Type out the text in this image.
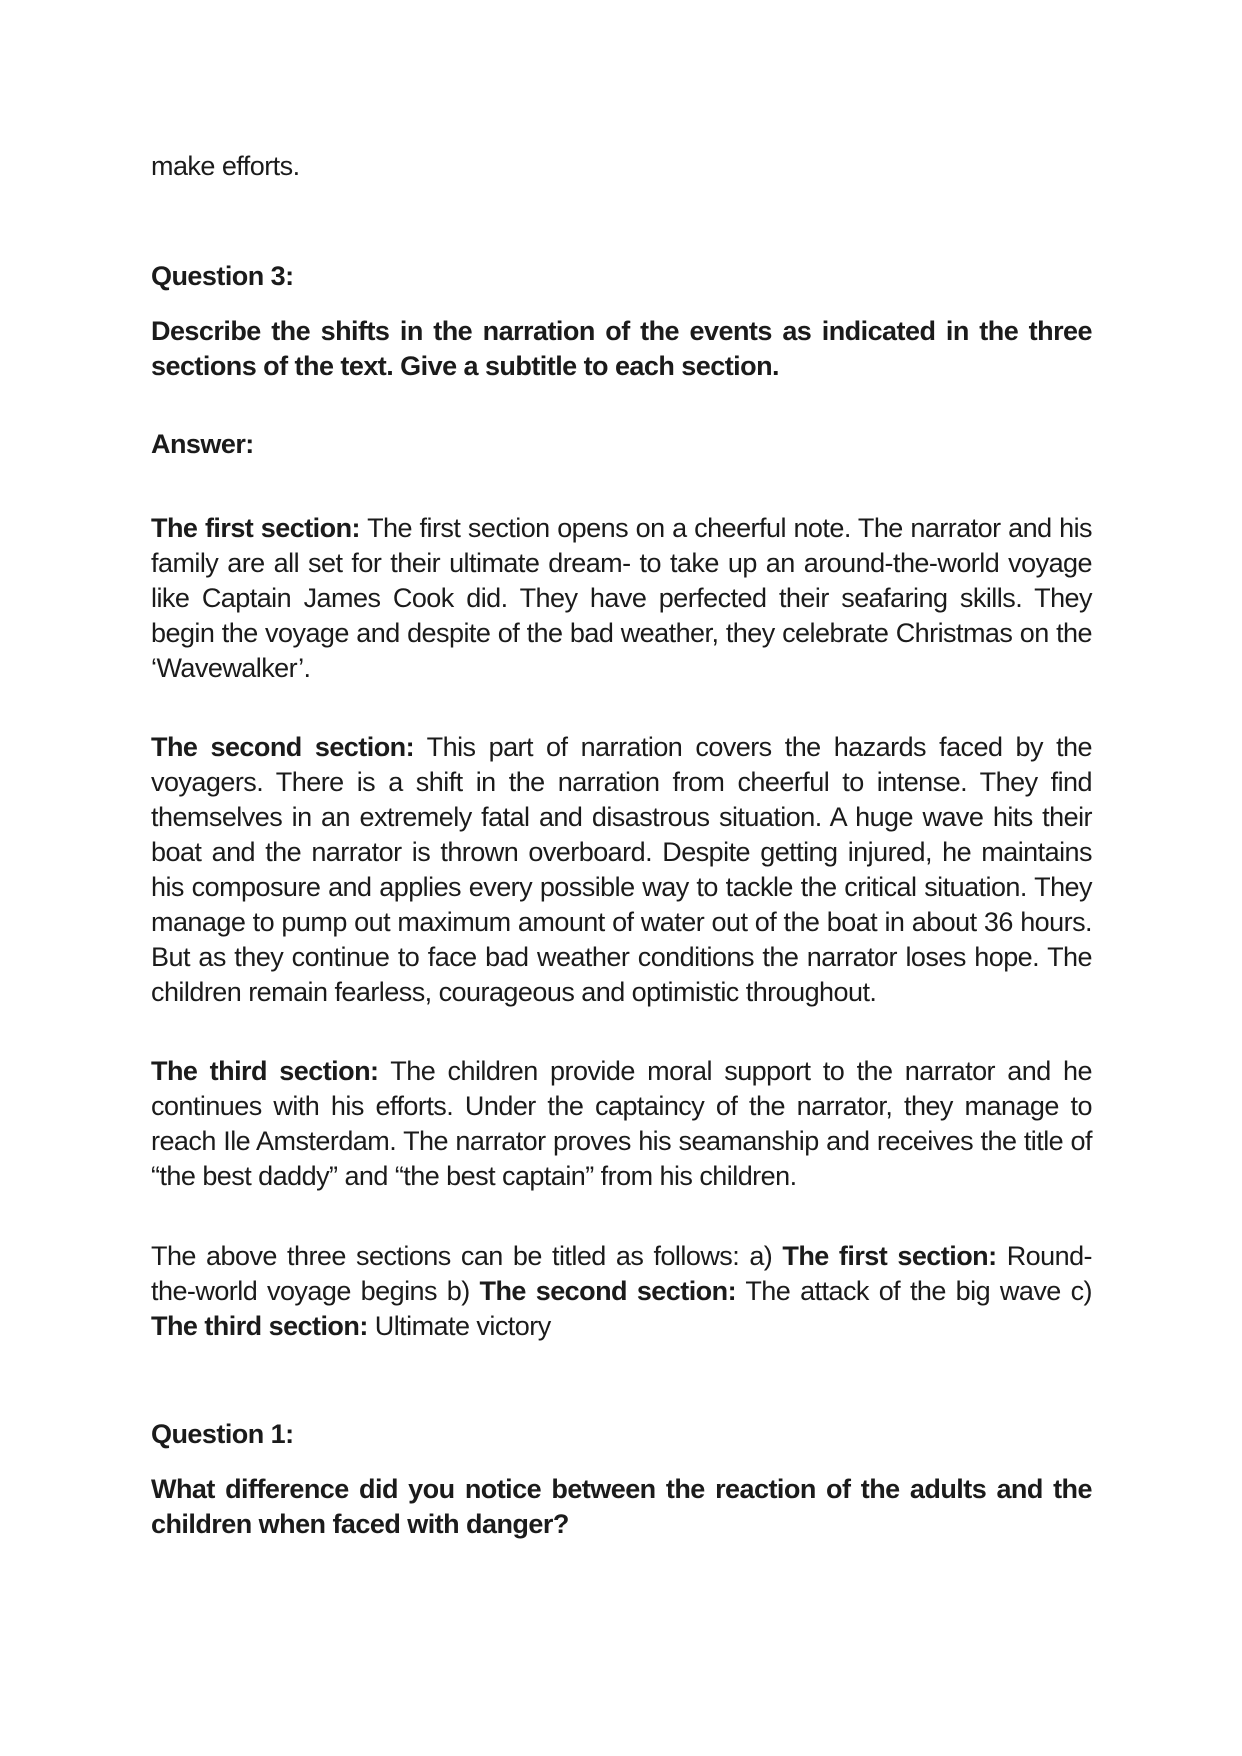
make efforts.

Question 3:

Describe the shifts in the narration of the events as indicated in the three sections of the text. Give a subtitle to each section.

Answer:

The first section: The first section opens on a cheerful note. The narrator and his family are all set for their ultimate dream- to take up an around-the-world voyage like Captain James Cook did. They have perfected their seafaring skills. They begin the voyage and despite of the bad weather, they celebrate Christmas on the ‘Wavewalker’.

The second section: This part of narration covers the hazards faced by the voyagers. There is a shift in the narration from cheerful to intense. They find themselves in an extremely fatal and disastrous situation. A huge wave hits their boat and the narrator is thrown overboard. Despite getting injured, he maintains his composure and applies every possible way to tackle the critical situation. They manage to pump out maximum amount of water out of the boat in about 36 hours. But as they continue to face bad weather conditions the narrator loses hope. The children remain fearless, courageous and optimistic throughout.

The third section: The children provide moral support to the narrator and he continues with his efforts. Under the captaincy of the narrator, they manage to reach Ile Amsterdam. The narrator proves his seamanship and receives the title of “the best daddy” and “the best captain” from his children.

The above three sections can be titled as follows: a) The first section: Round-the-world voyage begins b) The second section: The attack of the big wave c) The third section: Ultimate victory

Question 1:

What difference did you notice between the reaction of the adults and the children when faced with danger?
